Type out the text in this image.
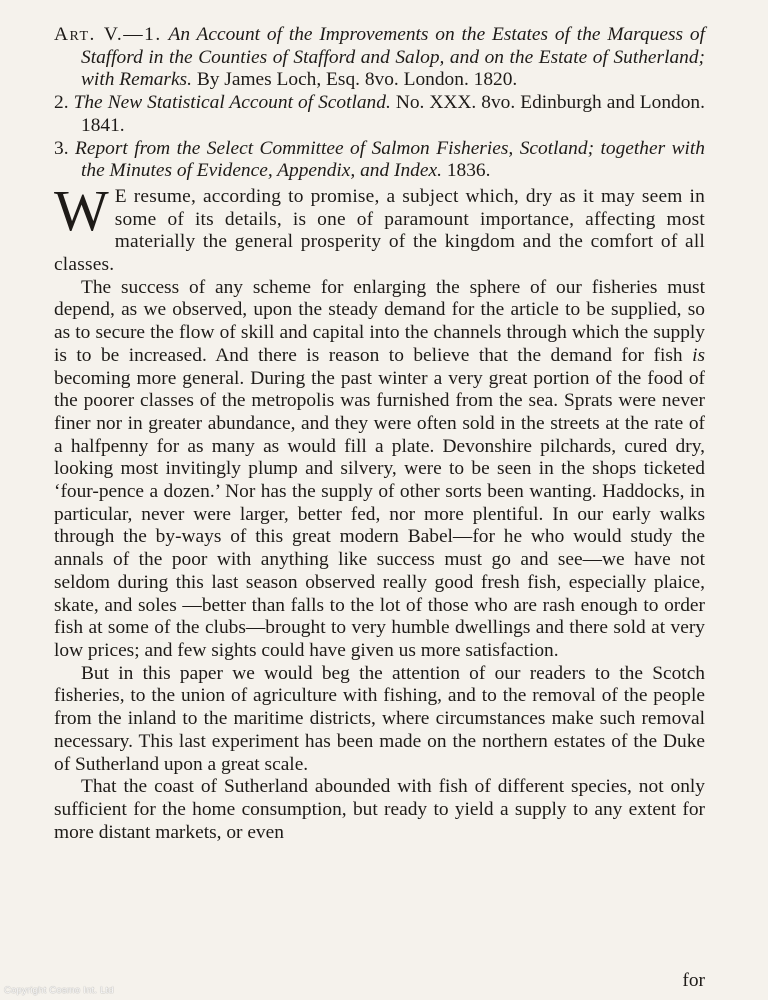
Art. V.—1. An Account of the Improvements on the Estates of the Marquess of Stafford in the Counties of Stafford and Salop, and on the Estate of Sutherland; with Remarks. By James Loch, Esq. 8vo. London. 1820.

2. The New Statistical Account of Scotland. No. XXX. 8vo. Edinburgh and London. 1841.

3. Report from the Select Committee of Salmon Fisheries, Scotland; together with the Minutes of Evidence, Appendix, and Index. 1836.

W E resume, according to promise, a subject which, dry as it may seem in some of its details, is one of paramount importance, affecting most materially the general prosperity of the kingdom and the comfort of all classes.

The success of any scheme for enlarging the sphere of our fisheries must depend, as we observed, upon the steady demand for the article to be supplied, so as to secure the flow of skill and capital into the channels through which the supply is to be increased. And there is reason to believe that the demand for fish is becoming more general. During the past winter a very great portion of the food of the poorer classes of the metropolis was furnished from the sea. Sprats were never finer nor in greater abundance, and they were often sold in the streets at the rate of a halfpenny for as many as would fill a plate. Devonshire pilchards, cured dry, looking most invitingly plump and silvery, were to be seen in the shops ticketed ‘four-pence a dozen.’ Nor has the supply of other sorts been wanting. Haddocks, in particular, never were larger, better fed, nor more plentiful. In our early walks through the by-ways of this great modern Babel—for he who would study the annals of the poor with anything like success must go and see—we have not seldom during this last season observed really good fresh fish, especially plaice, skate, and soles —better than falls to the lot of those who are rash enough to order fish at some of the clubs—brought to very humble dwellings and there sold at very low prices; and few sights could have given us more satisfaction.

But in this paper we would beg the attention of our readers to the Scotch fisheries, to the union of agriculture with fishing, and to the removal of the people from the inland to the maritime districts, where circumstances make such removal necessary. This last experiment has been made on the northern estates of the Duke of Sutherland upon a great scale.

That the coast of Sutherland abounded with fish of different species, not only sufficient for the home consumption, but ready to yield a supply to any extent for more distant markets, or even

for
Copyright Cosmo Int. Ltd
